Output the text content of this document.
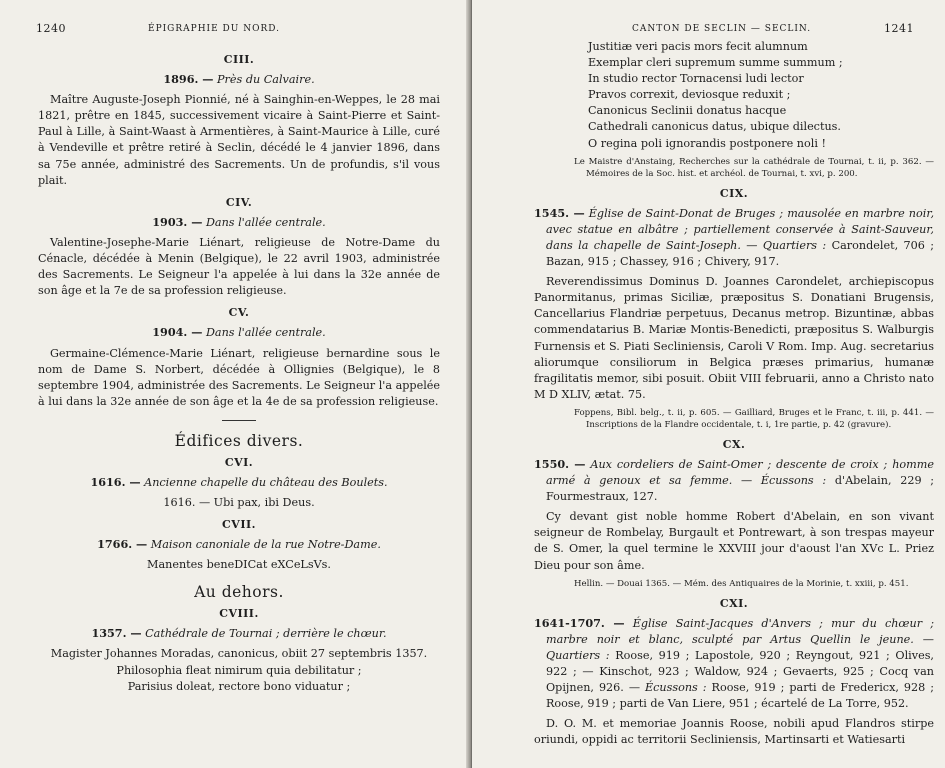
1240	ÉPIGRAPHIE DU NORD.
CIII.
1896. — Près du Calvaire.
Maître Auguste-Joseph Pionnié, né à Sainghin-en-Weppes, le 28 mai 1821, prêtre en 1845, successivement vicaire à Saint-Pierre et Saint-Paul à Lille, à Saint-Waast à Armentières, à Saint-Maurice à Lille, curé à Vendeville et prêtre retiré à Seclin, décédé le 4 janvier 1896, dans sa 75e année, administré des Sacrements. Un de profundis, s'il vous plait.
CIV.
1903. — Dans l'allée centrale.
Valentine-Josephe-Marie Liénart, religieuse de Notre-Dame du Cénacle, décédée à Menin (Belgique), le 22 avril 1903, administrée des Sacrements. Le Seigneur l'a appelée à lui dans la 32e année de son âge et la 7e de sa profession religieuse.
CV.
1904. — Dans l'allée centrale.
Germaine-Clémence-Marie Liénart, religieuse bernardine sous le nom de Dame S. Norbert, décédée à Ollignies (Belgique), le 8 septembre 1904, administrée des Sacrements. Le Seigneur l'a appelée à lui dans la 32e année de son âge et la 4e de sa profession religieuse.
Édifices divers.
CVI.
1616. — Ancienne chapelle du château des Boulets.
1616. — Ubi pax, ibi Deus.
CVII.
1766. — Maison canoniale de la rue Notre-Dame.
Manentes beneDICat eXCeLsVs.
Au dehors.
CVIII.
1357. — Cathédrale de Tournai ; derrière le chœur.
Magister Johannes Moradas, canonicus, obiit 27 septembris 1357.
Philosophia fleat nimirum quia debilitatur ;
Parisius doleat, rectore bono viduatur ;
CANTON DE SECLIN — SECLIN.	1241
Justitiæ veri pacis mors fecit alumnum
Exemplar cleri supremum summe summum ;
In studio rector Tornacensi ludi lector
Pravos correxit, deviosque reduxit ;
Canonicus Seclinii donatus hacque
Cathedrali canonicus datus, ubique dilectus.
O regina poli ignorandis postponere noli !
Le Maistre d'Anstaing, Recherches sur la cathédrale de Tournai, t. ii, p. 362. — Mémoires de la Soc. hist. et archéol. de Tournai, t. xvi, p. 200.
CIX.
1545. — Église de Saint-Donat de Bruges ; mausolée en marbre noir, avec statue en albâtre ; partiellement conservée à Saint-Sauveur, dans la chapelle de Saint-Joseph. — Quartiers : Carondelet, 706 ; Bazan, 915 ; Chassey, 916 ; Chivery, 917.
Reverendissimus Dominus D. Joannes Carondelet, archiepiscopus Panormitanus, primas Siciliæ, præpositus S. Donatiani Brugensis, Cancellarius Flandriæ perpetuus, Decanus metrop. Bizuntinæ, abbas commendatarius B. Mariæ Montis-Benedicti, præpositus S. Walburgis Furnensis et S. Piati Secliniensis, Caroli V Rom. Imp. Aug. secretarius aliorumque consiliorum in Belgica præses primarius, humanæ fragilitatis memor, sibi posuit. Obiit VIII februarii, anno a Christo nato M D XLIV, ætat. 75.
Foppens, Bibl. belg., t. ii, p. 605. — Gailliard, Bruges et le Franc, t. iii, p. 441. — Inscriptions de la Flandre occidentale, t. i, 1re partie, p. 42 (gravure).
CX.
1550. — Aux cordeliers de Saint-Omer ; descente de croix ; homme armé à genoux et sa femme. — Écussons : d'Abelain, 229 ; Fourmestraux, 127.
Cy devant gist noble homme Robert d'Abelain, en son vivant seigneur de Rombelay, Burgault et Pontrewart, à son trespas mayeur de S. Omer, la quel termine le XXVIII jour d'aoust l'an XVc L. Priez Dieu pour son âme.
Hellin. — Douai 1365. — Mém. des Antiquaires de la Morinie, t. xxiii, p. 451.
CXI.
1641-1707. — Église Saint-Jacques d'Anvers ; mur du chœur ; marbre noir et blanc, sculpté par Artus Quellin le jeune. — Quartiers : Roose, 919 ; Lapostole, 920 ; Reyngout, 921 ; Olives, 922 ; — Kinschot, 923 ; Waldow, 924 ; Gevaerts, 925 ; Cocq van Opijnen, 926. — Écussons : Roose, 919 ; parti de Fredericx, 928 ; Roose, 919 ; parti de Van Liere, 951 ; écartelé de La Torre, 952.
D. O. M. et memoriae Joannis Roose, nobili apud Flandros stirpe oriundi, oppidi ac territorii Secliniensis, Martinsarti et Watiesarti
